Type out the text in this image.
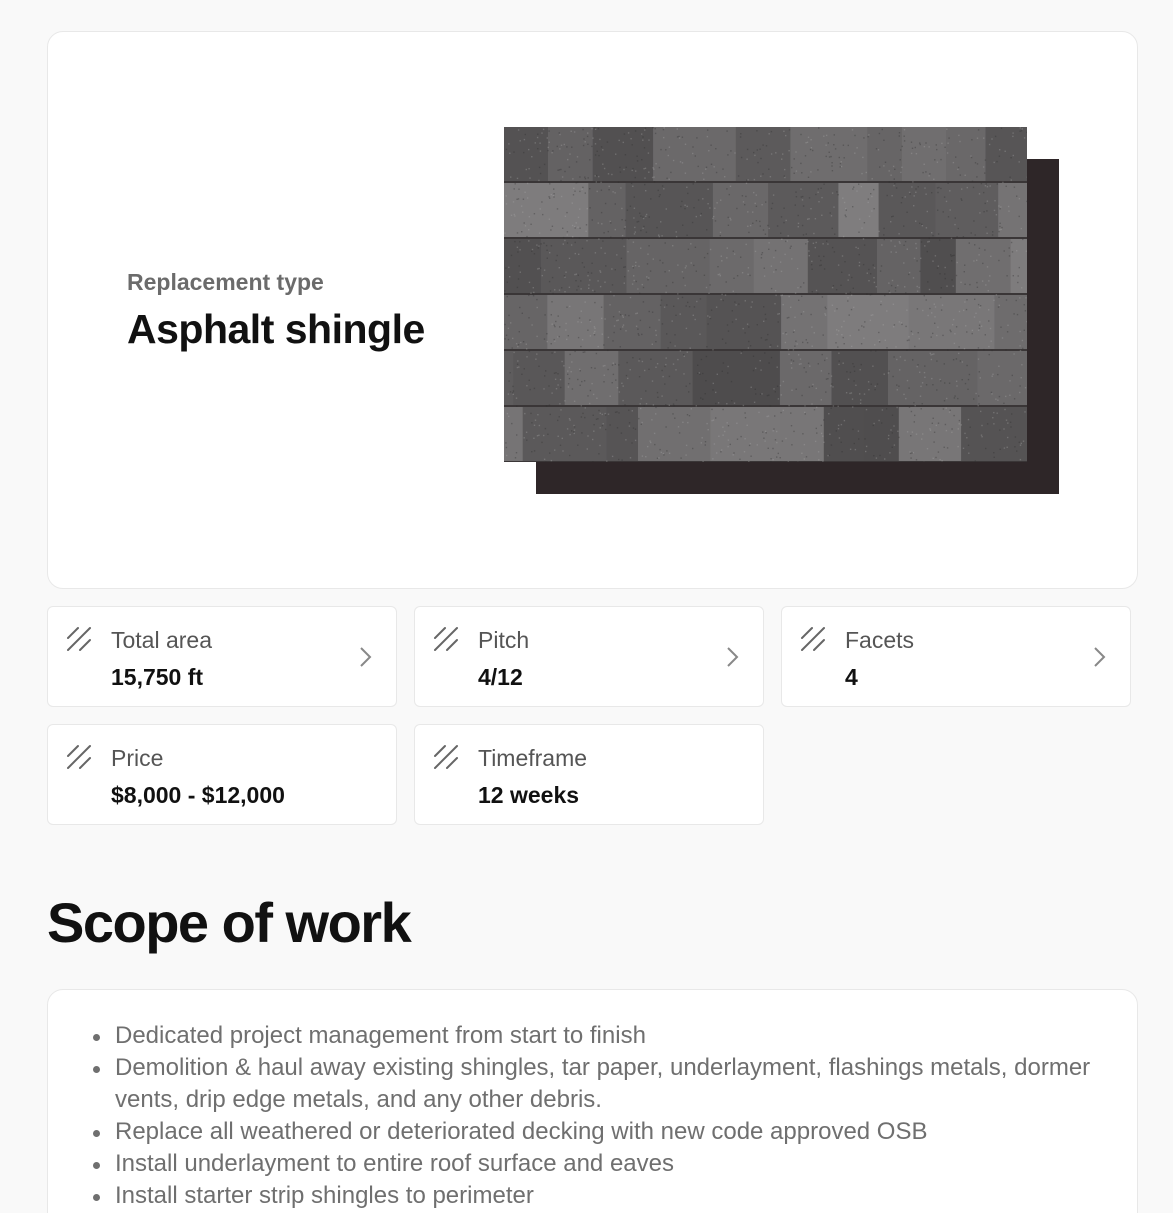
Replacement type
Asphalt shingle
Total area
15,750 ft
Pitch
4/12
Facets
4
Price
$8,000 - $12,000
Timeframe
12 weeks
Scope of work
Dedicated project management from start to finish
Demolition & haul away existing shingles, tar paper, underlayment, flashings metals, dormer vents, drip edge metals, and any other debris.
Replace all weathered or deteriorated decking with new code approved OSB
Install underlayment to entire roof surface and eaves
Install starter strip shingles to perimeter
